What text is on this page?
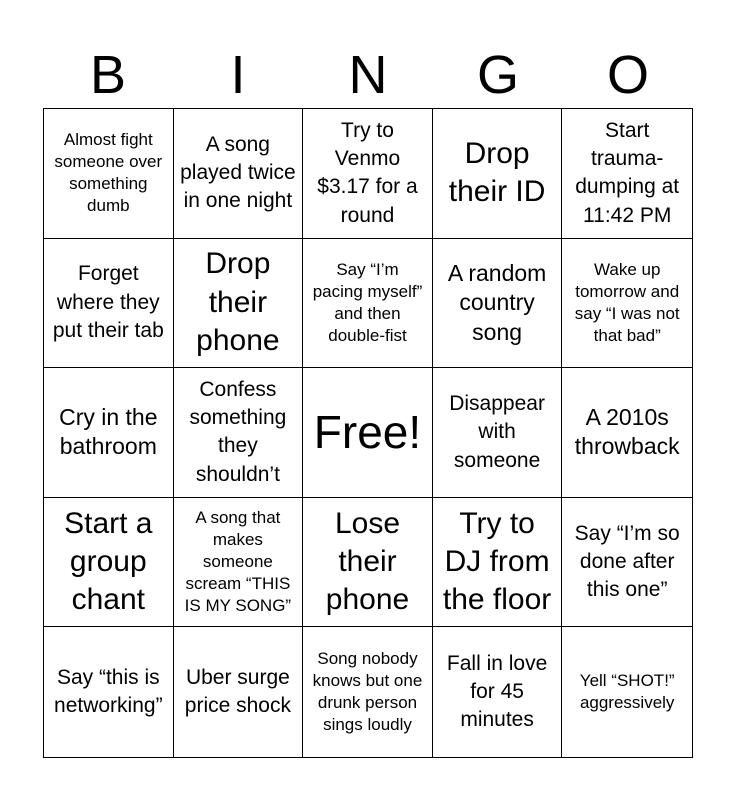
B	I	N	G	O
Almost fight someone over something dumb
A song played twice in one night
Try to Venmo $3.17 for a round
Drop their ID
Start trauma-dumping at 11:42 PM
Forget where they put their tab
Drop their phone
Say “I’m pacing myself” and then double-fist
A random country song
Wake up tomorrow and say “I was not that bad”
Cry in the bathroom
Confess something they shouldn’t
Free!
Disappear with someone
A 2010s throwback
Start a group chant
A song that makes someone scream “THIS IS MY SONG”
Lose their phone
Try to DJ from the floor
Say “I’m so done after this one”
Say “this is networking”
Uber surge price shock
Song nobody knows but one drunk person sings loudly
Fall in love for 45 minutes
Yell “SHOT!” aggressively
